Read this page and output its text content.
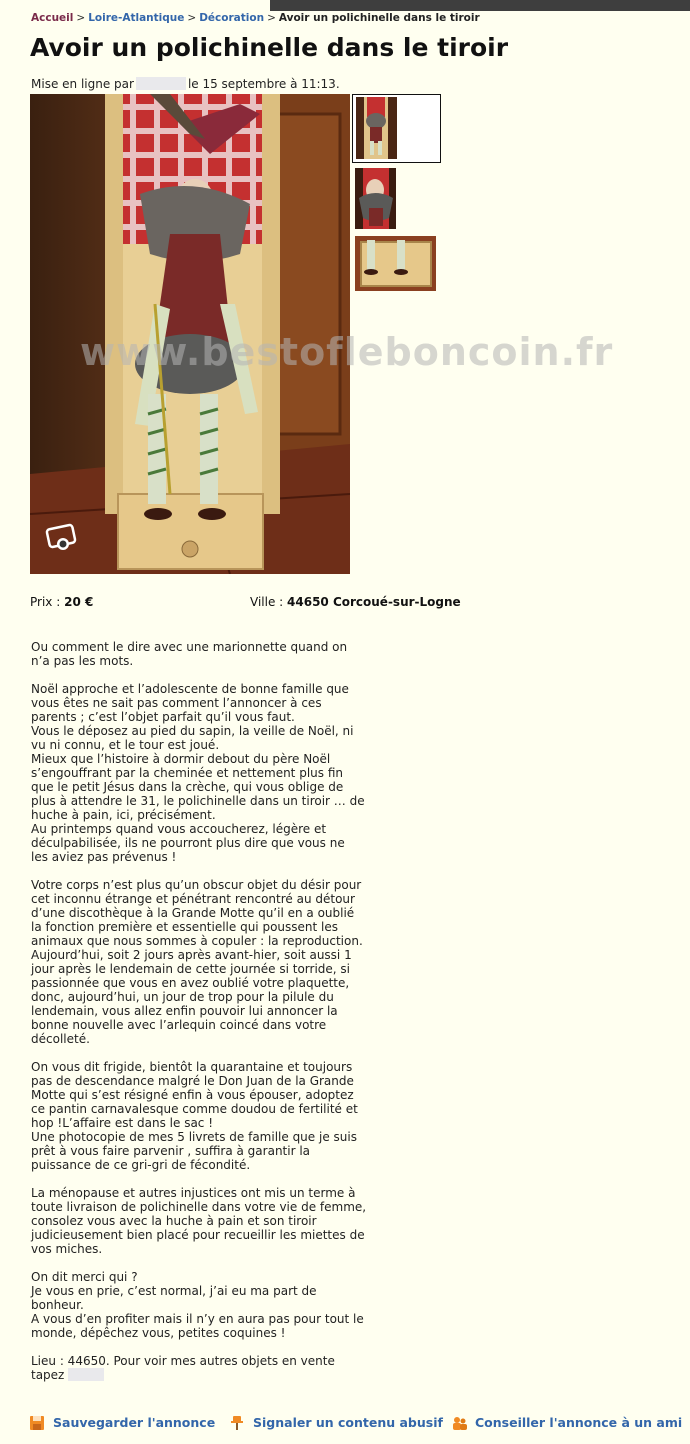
Accueil > Loire-Atlantique > Décoration > Avoir un polichinelle dans le tiroir
Avoir un polichinelle dans le tiroir
Mise en ligne par	le 15 septembre à 11:13.
www.bestofleboncoin.fr
Prix : 20 €	Ville : 44650 Corcoué-sur-Logne

Ou comment le dire avec une marionnette quand on
n’a pas les mots.

Noël approche et l’adolescente de bonne famille que
vous êtes ne sait pas comment l’annoncer à ces
parents ; c’est l’objet parfait qu’il vous faut.
Vous le déposez au pied du sapin, la veille de Noël, ni
vu ni connu, et le tour est joué.
Mieux que l’histoire à dormir debout du père Noël
s’engouffrant par la cheminée et nettement plus fin
que le petit Jésus dans la crèche, qui vous oblige de
plus à attendre le 31, le polichinelle dans un tiroir … de
huche à pain, ici, précisément.
Au printemps quand vous accoucherez, légère et
déculpabilisée, ils ne pourront plus dire que vous ne
les aviez pas prévenus !

Votre corps n’est plus qu’un obscur objet du désir pour
cet inconnu étrange et pénétrant rencontré au détour
d’une discothèque à la Grande Motte qu’il en a oublié
la fonction première et essentielle qui poussent les
animaux que nous sommes à copuler : la reproduction.
Aujourd’hui, soit 2 jours après avant-hier, soit aussi 1
jour après le lendemain de cette journée si torride, si
passionnée que vous en avez oublié votre plaquette,
donc, aujourd’hui, un jour de trop pour la pilule du
lendemain, vous allez enfin pouvoir lui annoncer la
bonne nouvelle avec l’arlequin coincé dans votre
décolleté.

On vous dit frigide, bientôt la quarantaine et toujours
pas de descendance malgré le Don Juan de la Grande
Motte qui s’est résigné enfin à vous épouser, adoptez
ce pantin carnavalesque comme doudou de fertilité et
hop !L’affaire est dans le sac !
Une photocopie de mes 5 livrets de famille que je suis
prêt à vous faire parvenir , suffira à garantir la
puissance de ce gri-gri de fécondité.

La ménopause et autres injustices ont mis un terme à
toute livraison de polichinelle dans votre vie de femme,
consolez vous avec la huche à pain et son tiroir
judicieusement bien placé pour recueillir les miettes de
vos miches.

On dit merci qui ?
Je vous en prie, c’est normal, j’ai eu ma part de
bonheur.
A vous d’en profiter mais il n’y en aura pas pour tout le
monde, dépêchez vous, petites coquines !

Lieu : 44650. Pour voir mes autres objets en vente
tapez

Sauvegarder l'annonce	Signaler un contenu abusif	Conseiller l'annonce à un ami
